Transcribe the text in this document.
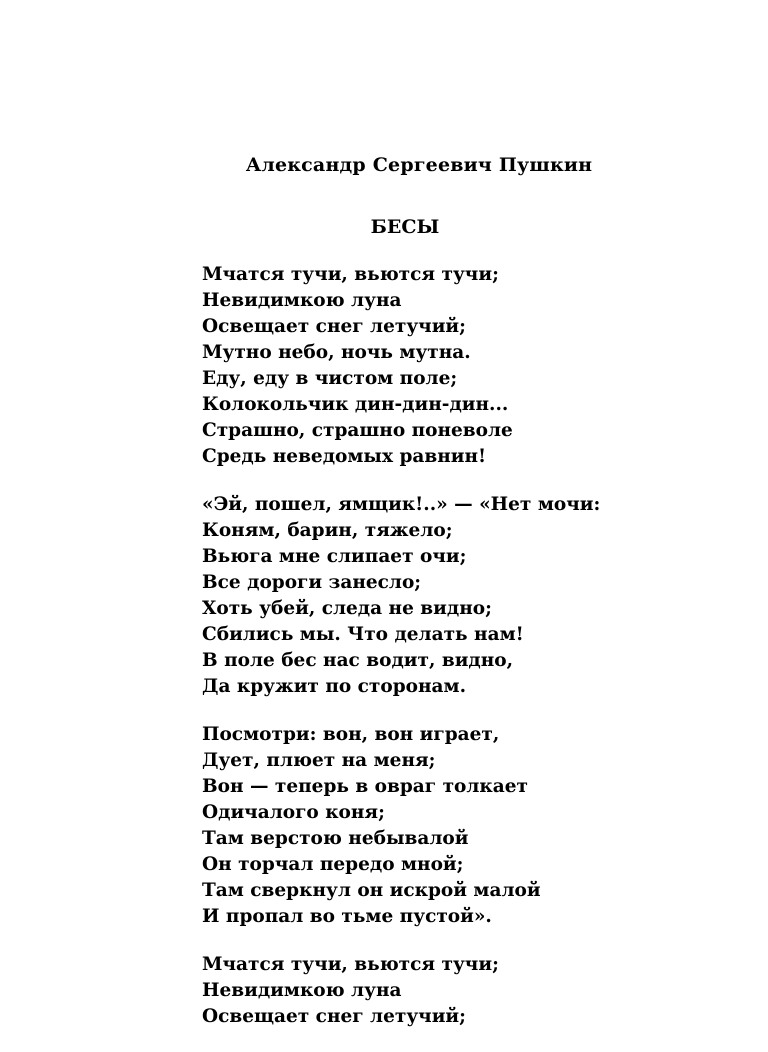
Александр Сергеевич Пушкин
БЕСЫ
Мчатся тучи, вьются тучи;
Невидимкою луна
Освещает снег летучий;
Мутно небо, ночь мутна.
Еду, еду в чистом поле;
Колокольчик дин-дин-дин...
Страшно, страшно поневоле
Средь неведомых равнин!
«Эй, пошел, ямщик!..» — «Нет мочи:
Коням, барин, тяжело;
Вьюга мне слипает очи;
Все дороги занесло;
Хоть убей, следа не видно;
Сбились мы. Что делать нам!
В поле бес нас водит, видно,
Да кружит по сторонам.
Посмотри: вон, вон играет,
Дует, плюет на меня;
Вон — теперь в овраг толкает
Одичалого коня;
Там верстою небывалой
Он торчал передо мной;
Там сверкнул он искрой малой
И пропал во тьме пустой».
Мчатся тучи, вьются тучи;
Невидимкою луна
Освещает снег летучий;
